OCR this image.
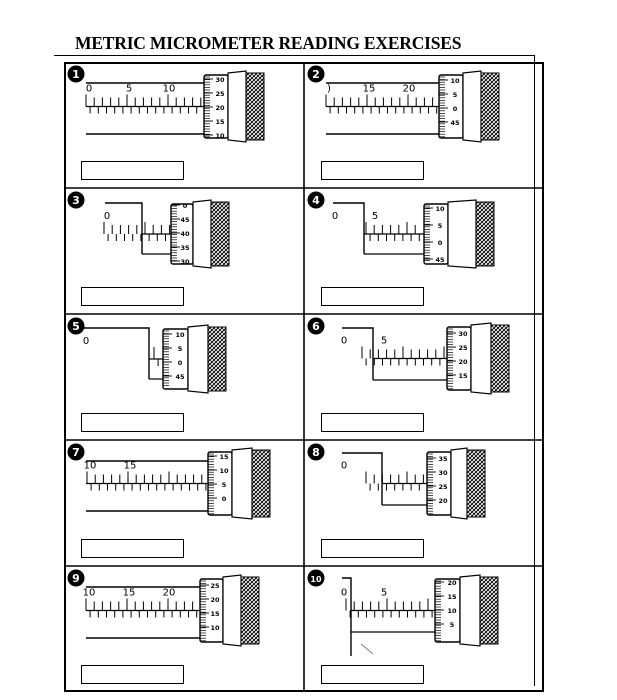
METRIC MICROMETER READING EXERCISES
1
0	5	10
30
25
20
15
10
2
)	15	20
10
5
0
45
3
0
0
45
40
35
30
4
0	5
10
5
0
45
5
0
10
5
0
45
6
0	5
30
25
20
15
7
10	15
15
10
5
0
8
0
35
30
25
20
9
10	15	20
25
20
15
10
10
0	5
20
15
10
5
